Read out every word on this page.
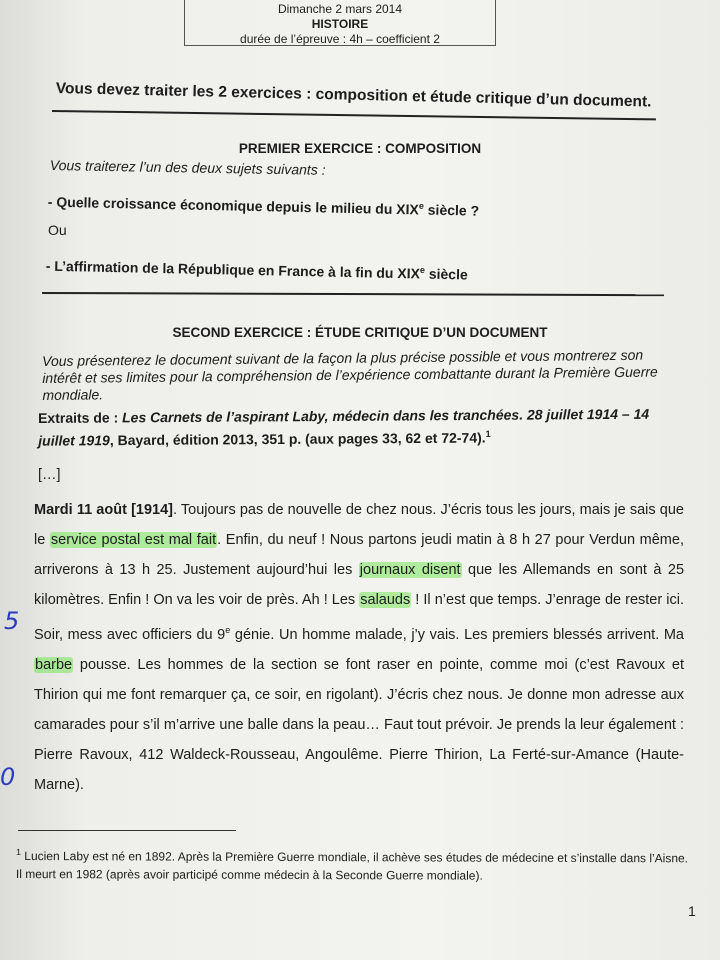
Dimanche 2 mars 2014
HISTOIRE
durée de l’épreuve : 4h – coefficient 2
Vous devez traiter les 2 exercices : composition et étude critique d’un document.
PREMIER EXERCICE : COMPOSITION
Vous traiterez l’un des deux sujets suivants :
- Quelle croissance économique depuis le milieu du XIXe siècle ?
Ou
- L’affirmation de la République en France à la fin du XIXe siècle
SECOND EXERCICE : ÉTUDE CRITIQUE D’UN DOCUMENT
Vous présenterez le document suivant de la façon la plus précise possible et vous montrerez son intérêt et ses limites pour la compréhension de l’expérience combattante durant la Première Guerre mondiale.
Extraits de : Les Carnets de l’aspirant Laby, médecin dans les tranchées. 28 juillet 1914 – 14 juillet 1919, Bayard, édition 2013, 351 p. (aux pages 33, 62 et 72-74).$^1$
[…]
Mardi 11 août [1914]. Toujours pas de nouvelle de chez nous. J’écris tous les jours, mais je sais que le service postal est mal fait. Enfin, du neuf ! Nous partons jeudi matin à 8 h 27 pour Verdun même, arriverons à 13 h 25. Justement aujourd’hui les journaux disent que les Allemands en sont à 25 kilomètres. Enfin ! On va les voir de près. Ah ! Les salauds ! Il n’est que temps. J’enrage de rester ici. Soir, mess avec officiers du 9e génie. Un homme malade, j’y vais. Les premiers blessés arrivent. Ma barbe pousse. Les hommes de la section se font raser en pointe, comme moi (c’est Ravoux et Thirion qui me font remarquer ça, ce soir, en rigolant). J’écris chez nous. Je donne mon adresse aux camarades pour s’il m’arrive une balle dans la peau… Faut tout prévoir. Je prends la leur également : Pierre Ravoux, 412 Waldeck-Rousseau, Angoulême. Pierre Thirion, La Ferté-sur-Amance (Haute-Marne).
5
0
$^1$ Lucien Laby est né en 1892. Après la Première Guerre mondiale, il achève ses études de médecine et s’installe dans l’Aisne. Il meurt en 1982 (après avoir participé comme médecin à la Seconde Guerre mondiale).
1
